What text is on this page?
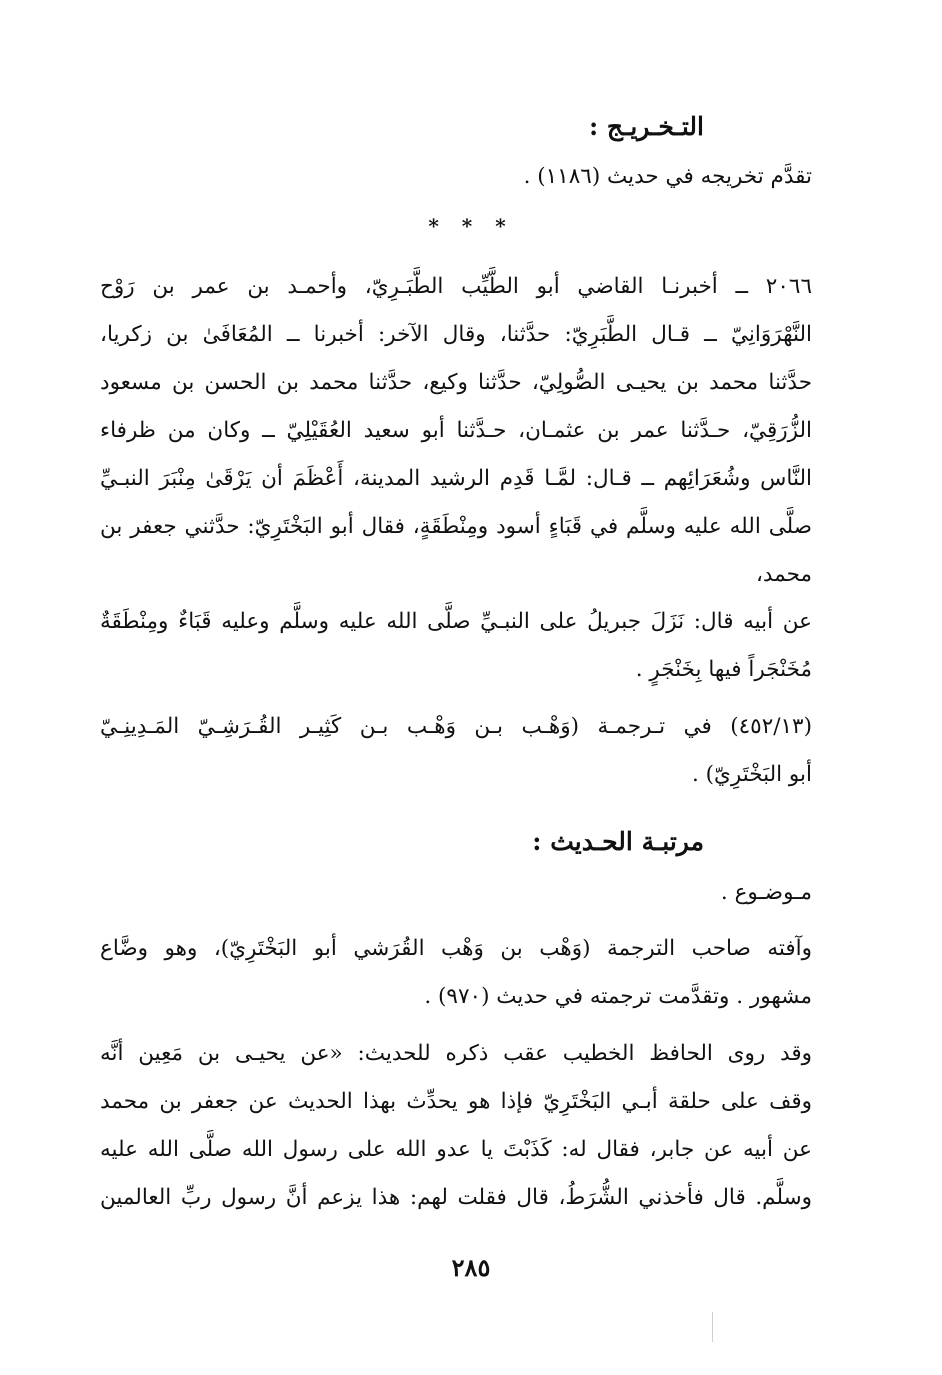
التـخـريـج :
تقدَّم تخريجه في حديث (١١٨٦) .
* * *
٢٠٦٦ ــ أخبرنـا القاضي أبو الطَّيِّب الطَّبَـرِيّ، وأحمـد بن عمر بن رَوْح
النَّهْرَوَانِيّ ــ قـال الطَّبَرِيّ: حدَّثنا، وقال الآخر: أخبرنا ــ المُعَافَىٰ بن زكريا،
حدَّثنا محمد بن يحيـى الصُّولِيّ، حدَّثنا وكيع، حدَّثنا محمد بن الحسن بن مسعود
الزُّرَقِيّ، حـدَّثنا عمر بن عثمـان، حـدَّثنا أبو سعيد العُقَيْلِيّ ــ وكان من ظرفاء
النَّاس وشُعَرَائِهم ــ قـال: لمَّـا قَدِم الرشيد المدينة، أَعْظَمَ أن يَرْقَىٰ مِنْبَرَ النبـيِّ
صلَّى الله عليه وسلَّم في قَبَاءٍ أسود ومِنْطَقَةٍ، فقال أبو البَخْتَرِيّ: حدَّثني جعفر بن
محمد،
عن أبيه قال: نَزَلَ جبريلُ على النبـيِّ صلَّى الله عليه وسلَّم وعليه قَبَاءٌ ومِنْطَقَةٌ
مُخَنْجَراً فيها بِخَنْجَرٍ .
(٤٥٢/١٣) في تـرجمـة (وَهْـب بـن وَهْـب بـن كَثِيـر القُـرَشِـيّ المَـدِينِـيّ
أبو البَخْتَرِيّ) .
مرتبـة الحـديث :
مـوضـوع .
وآفته صاحب الترجمة (وَهْب بن وَهْب القُرَشي أبو البَخْتَرِيّ)، وهو وضَّاع
مشهور . وتقدَّمت ترجمته في حديث (٩٧٠) .
وقد روى الحافظ الخطيب عقب ذكره للحديث: «عن يحيـى بن مَعِين أنَّه
وقف على حلقة أبـي البَخْتَرِيّ فإذا هو يحدِّث بهذا الحديث عن جعفر بن محمد
عن أبيه عن جابر، فقال له: كَذَبْتَ يا عدو الله على رسول الله صلَّى الله عليه
وسلَّم. قال فأخذني الشُّرَطُ، قال فقلت لهم: هذا يزعم أنَّ رسول ربِّ العالمين
٢٨٥
